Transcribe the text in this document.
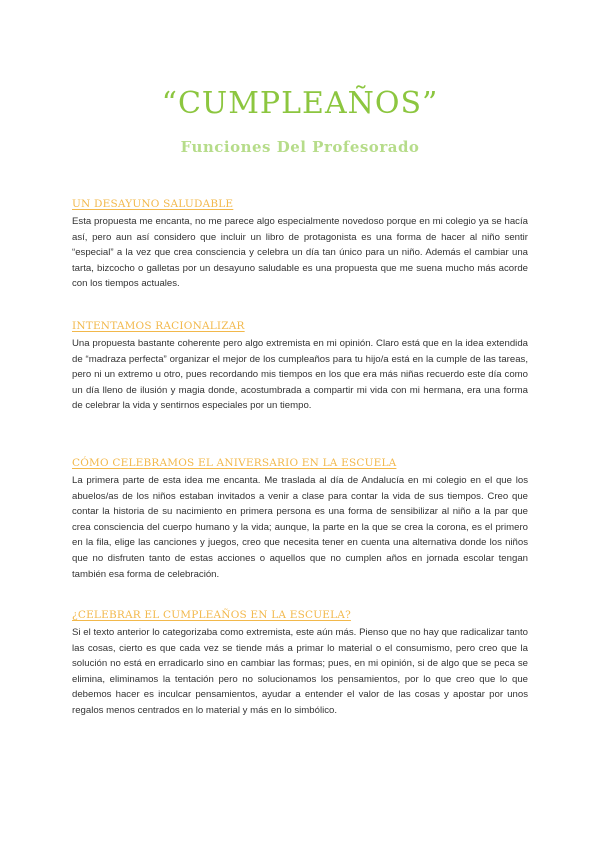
“CUMPLEAÑOS”
Funciones Del Profesorado
UN DESAYUNO SALUDABLE

Esta propuesta me encanta, no me parece algo especialmente novedoso porque en mi colegio ya se hacía así, pero aun así considero que incluir un libro de protagonista es una forma de hacer al niño sentir “especial” a la vez que crea consciencia y celebra un día tan único para un niño. Además el cambiar una tarta, bizcocho o galletas por un desayuno saludable es una propuesta que me suena mucho más acorde con los tiempos actuales.

INTENTAMOS RACIONALIZAR

Una propuesta bastante coherente pero algo extremista en mi opinión. Claro está que en la idea extendida de “madraza perfecta” organizar el mejor de los cumpleaños para tu hijo/a está en la cumple de las tareas, pero ni un extremo u otro, pues recordando mis tiempos en los que era más niñas recuerdo este día como un día lleno de ilusión y magia donde, acostumbrada a compartir mi vida con mi hermana, era una forma de celebrar la vida y sentirnos especiales por un tiempo.

CÓMO CELEBRAMOS EL ANIVERSARIO EN LA ESCUELA

La primera parte de esta idea me encanta. Me traslada al día de Andalucía en mi colegio en el que los abuelos/as de los niños estaban invitados a venir a clase para contar la vida de sus tiempos. Creo que contar la historia de su nacimiento en primera persona es una forma de sensibilizar al niño a la par que crea consciencia del cuerpo humano y la vida; aunque, la parte en la que se crea la corona, es el primero en la fila, elige las canciones y juegos, creo que necesita tener en cuenta una alternativa donde los niños que no disfruten tanto de estas acciones o aquellos que no cumplen años en jornada escolar tengan también esa forma de celebración.

¿CELEBRAR EL CUMPLEAÑOS EN LA ESCUELA?

Si el texto anterior lo categorizaba como extremista, este aún más. Pienso que no hay que radicalizar tanto las cosas, cierto es que cada vez se tiende más a primar lo material o el consumismo, pero creo que la solución no está en erradicarlo sino en cambiar las formas; pues, en mi opinión, si de algo que se peca se elimina, eliminamos la tentación pero no solucionamos los pensamientos, por lo que creo que lo que debemos hacer es inculcar pensamientos, ayudar a entender el valor de las cosas y apostar por unos regalos menos centrados en lo material y más en lo simbólico.
